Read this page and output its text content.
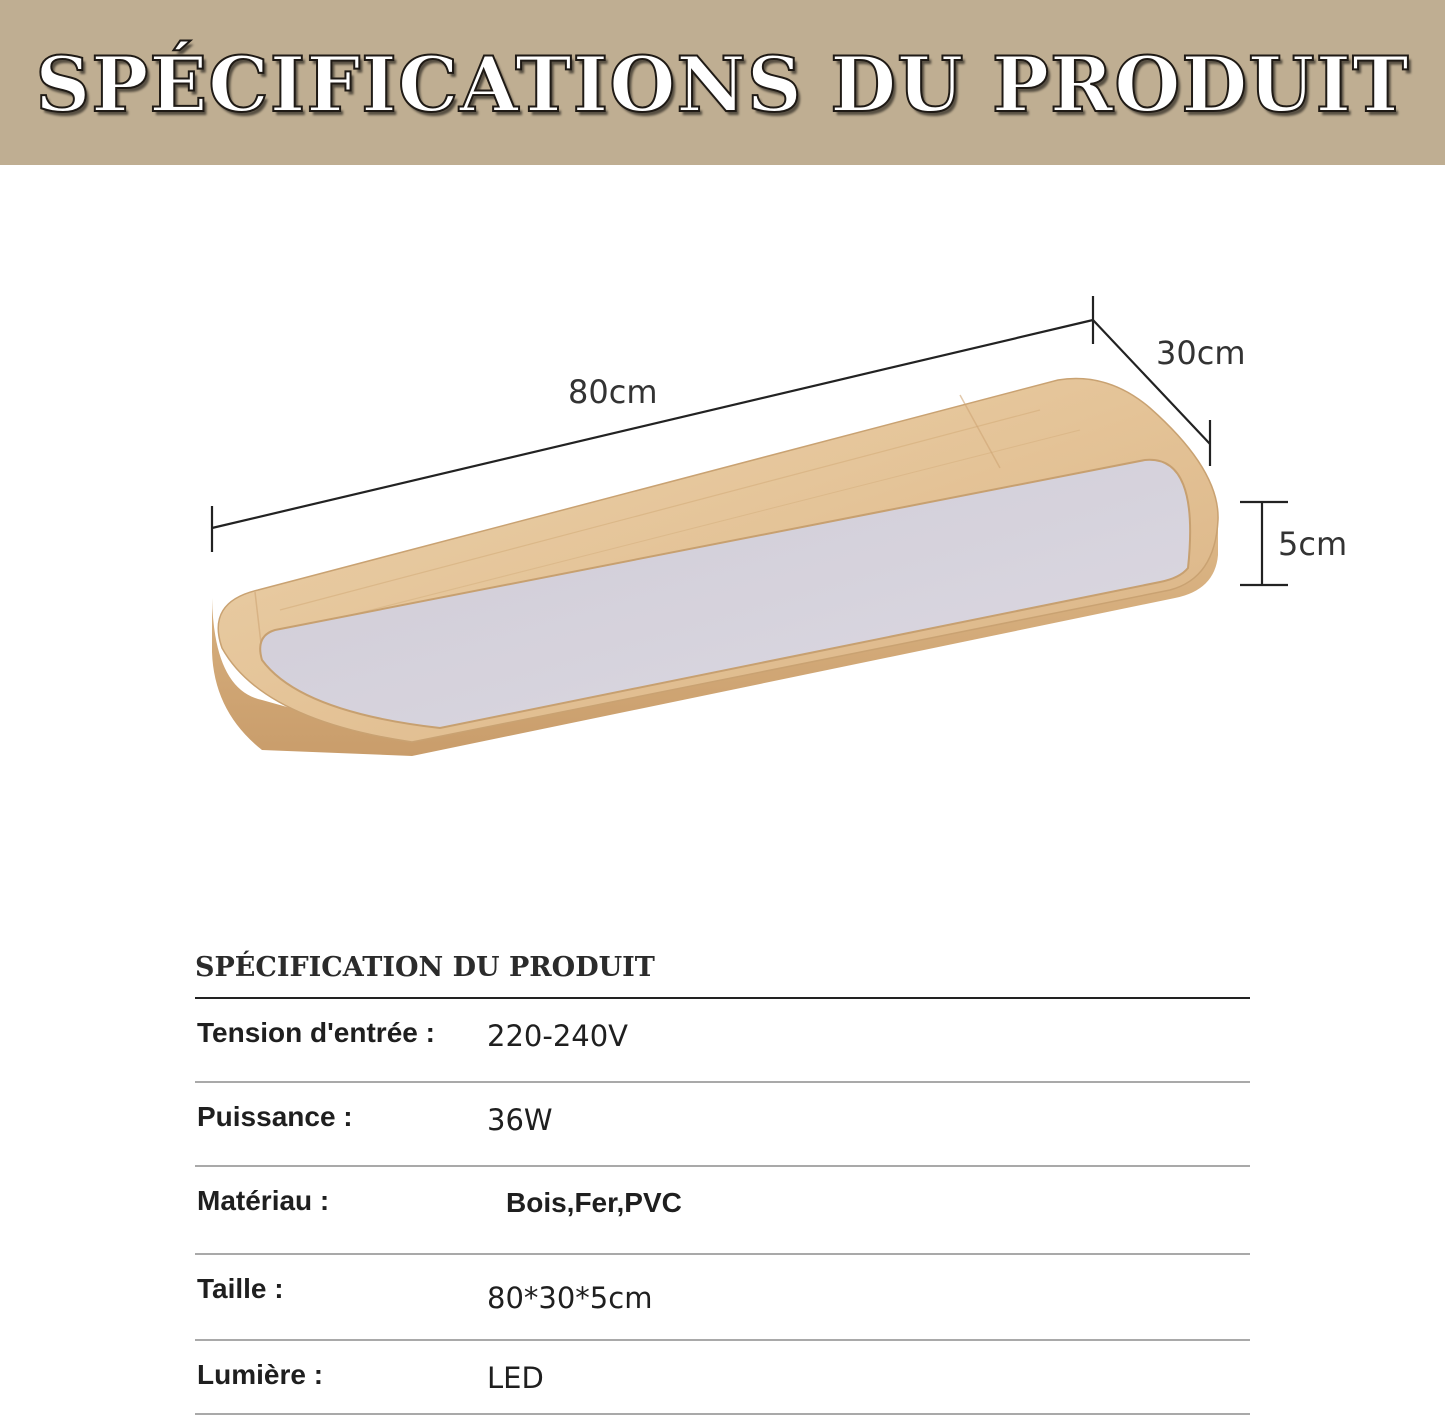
SPÉCIFICATIONS DU PRODUIT
80cm
30cm
5cm
SPÉCIFICATION DU PRODUIT
Tension d'entrée : 220-240V
Puissance :	36W
Matériau :	Bois,Fer,PVC
Taille :	80*30*5cm
Lumière :	LED
